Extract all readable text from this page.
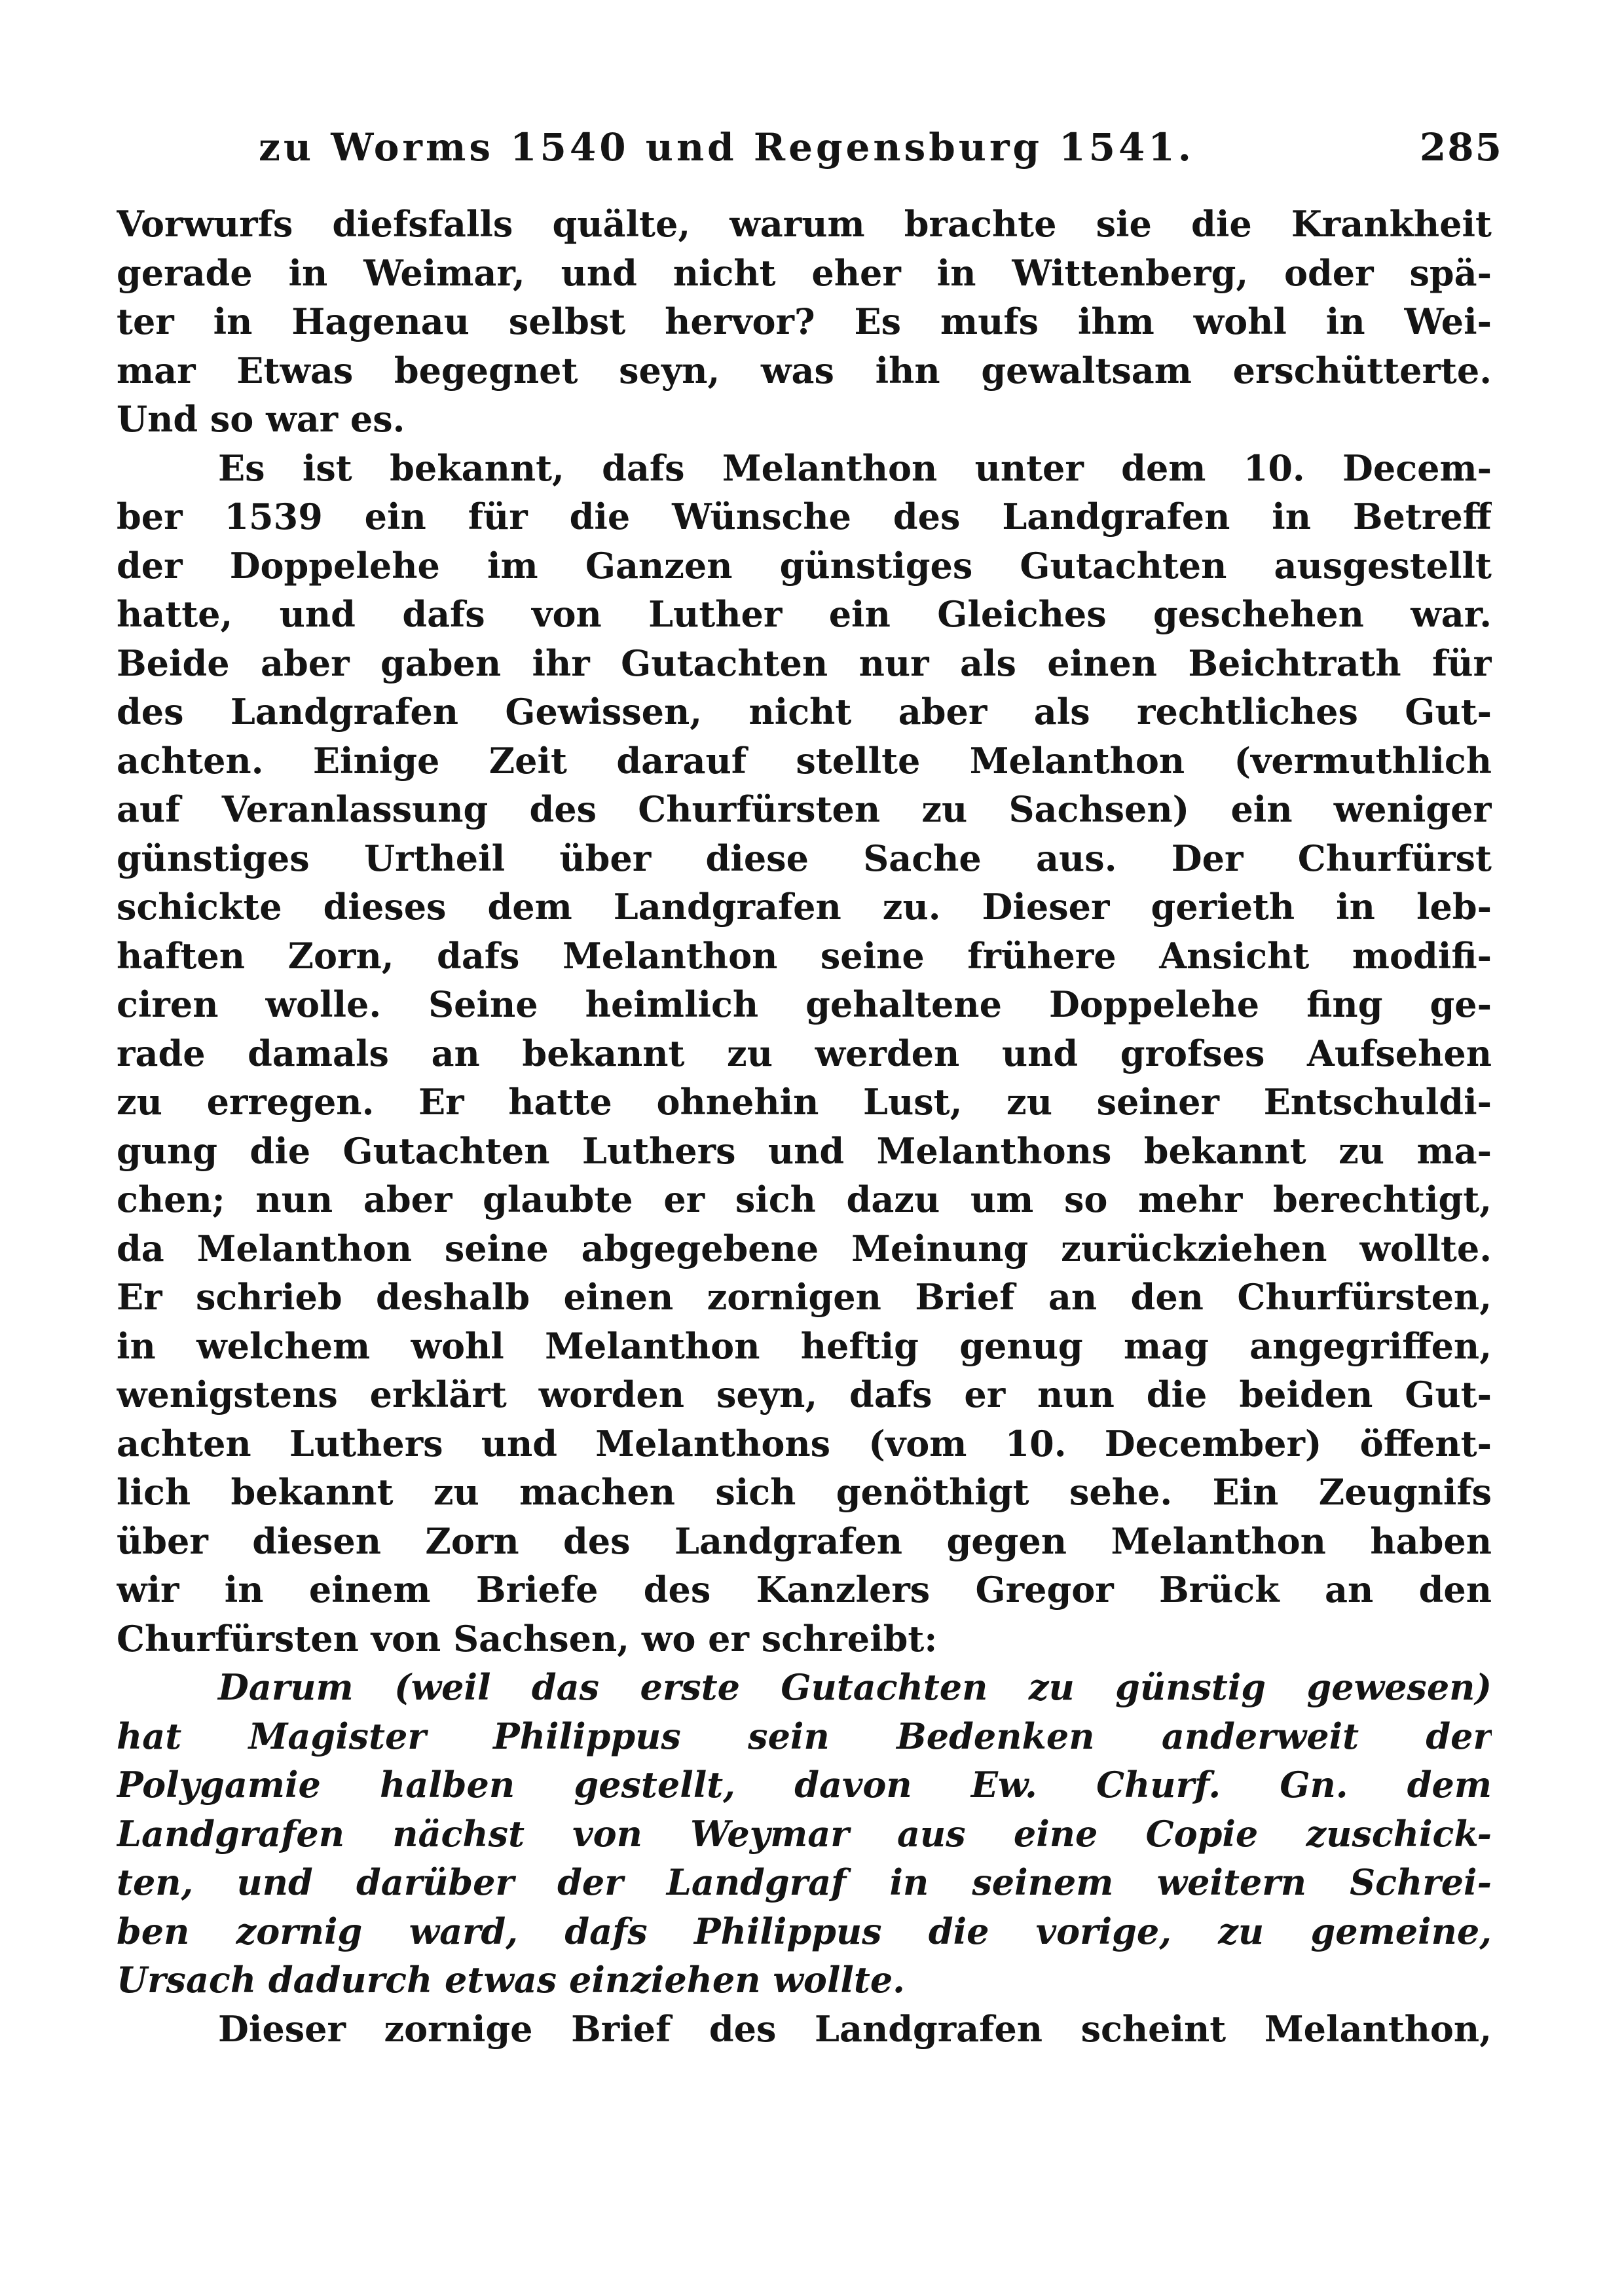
zu Worms 1540 und Regensburg 1541.	285
Vorwurfs diefsfalls quälte, warum brachte sie die Krankheit
gerade in Weimar, und nicht eher in Wittenberg, oder spä-
ter in Hagenau selbst hervor? Es mufs ihm wohl in Wei-
mar Etwas begegnet seyn, was ihn gewaltsam erschütterte.
Und so war es.
Es ist bekannt, dafs Melanthon unter dem 10. Decem-
ber 1539 ein für die Wünsche des Landgrafen in Betreff
der Doppelehe im Ganzen günstiges Gutachten ausgestellt
hatte, und dafs von Luther ein Gleiches geschehen war.
Beide aber gaben ihr Gutachten nur als einen Beichtrath für
des Landgrafen Gewissen, nicht aber als rechtliches Gut-
achten. Einige Zeit darauf stellte Melanthon (vermuthlich
auf Veranlassung des Churfürsten zu Sachsen) ein weniger
günstiges Urtheil über diese Sache aus. Der Churfürst
schickte dieses dem Landgrafen zu. Dieser gerieth in leb-
haften Zorn, dafs Melanthon seine frühere Ansicht modifi-
ciren wolle. Seine heimlich gehaltene Doppelehe fing ge-
rade damals an bekannt zu werden und grofses Aufsehen
zu erregen. Er hatte ohnehin Lust, zu seiner Entschuldi-
gung die Gutachten Luthers und Melanthons bekannt zu ma-
chen; nun aber glaubte er sich dazu um so mehr berechtigt,
da Melanthon seine abgegebene Meinung zurückziehen wollte.
Er schrieb deshalb einen zornigen Brief an den Churfürsten,
in welchem wohl Melanthon heftig genug mag angegriffen,
wenigstens erklärt worden seyn, dafs er nun die beiden Gut-
achten Luthers und Melanthons (vom 10. December) öffent-
lich bekannt zu machen sich genöthigt sehe. Ein Zeugnifs
über diesen Zorn des Landgrafen gegen Melanthon haben
wir in einem Briefe des Kanzlers Gregor Brück an den
Churfürsten von Sachsen, wo er schreibt:
Darum (weil das erste Gutachten zu günstig gewesen)
hat Magister Philippus sein Bedenken anderweit der
Polygamie halben gestellt, davon Ew. Churf. Gn. dem
Landgrafen nächst von Weymar aus eine Copie zuschick-
ten, und darüber der Landgraf in seinem weitern Schrei-
ben zornig ward, dafs Philippus die vorige, zu gemeine,
Ursach dadurch etwas einziehen wollte.
Dieser zornige Brief des Landgrafen scheint Melanthon,
